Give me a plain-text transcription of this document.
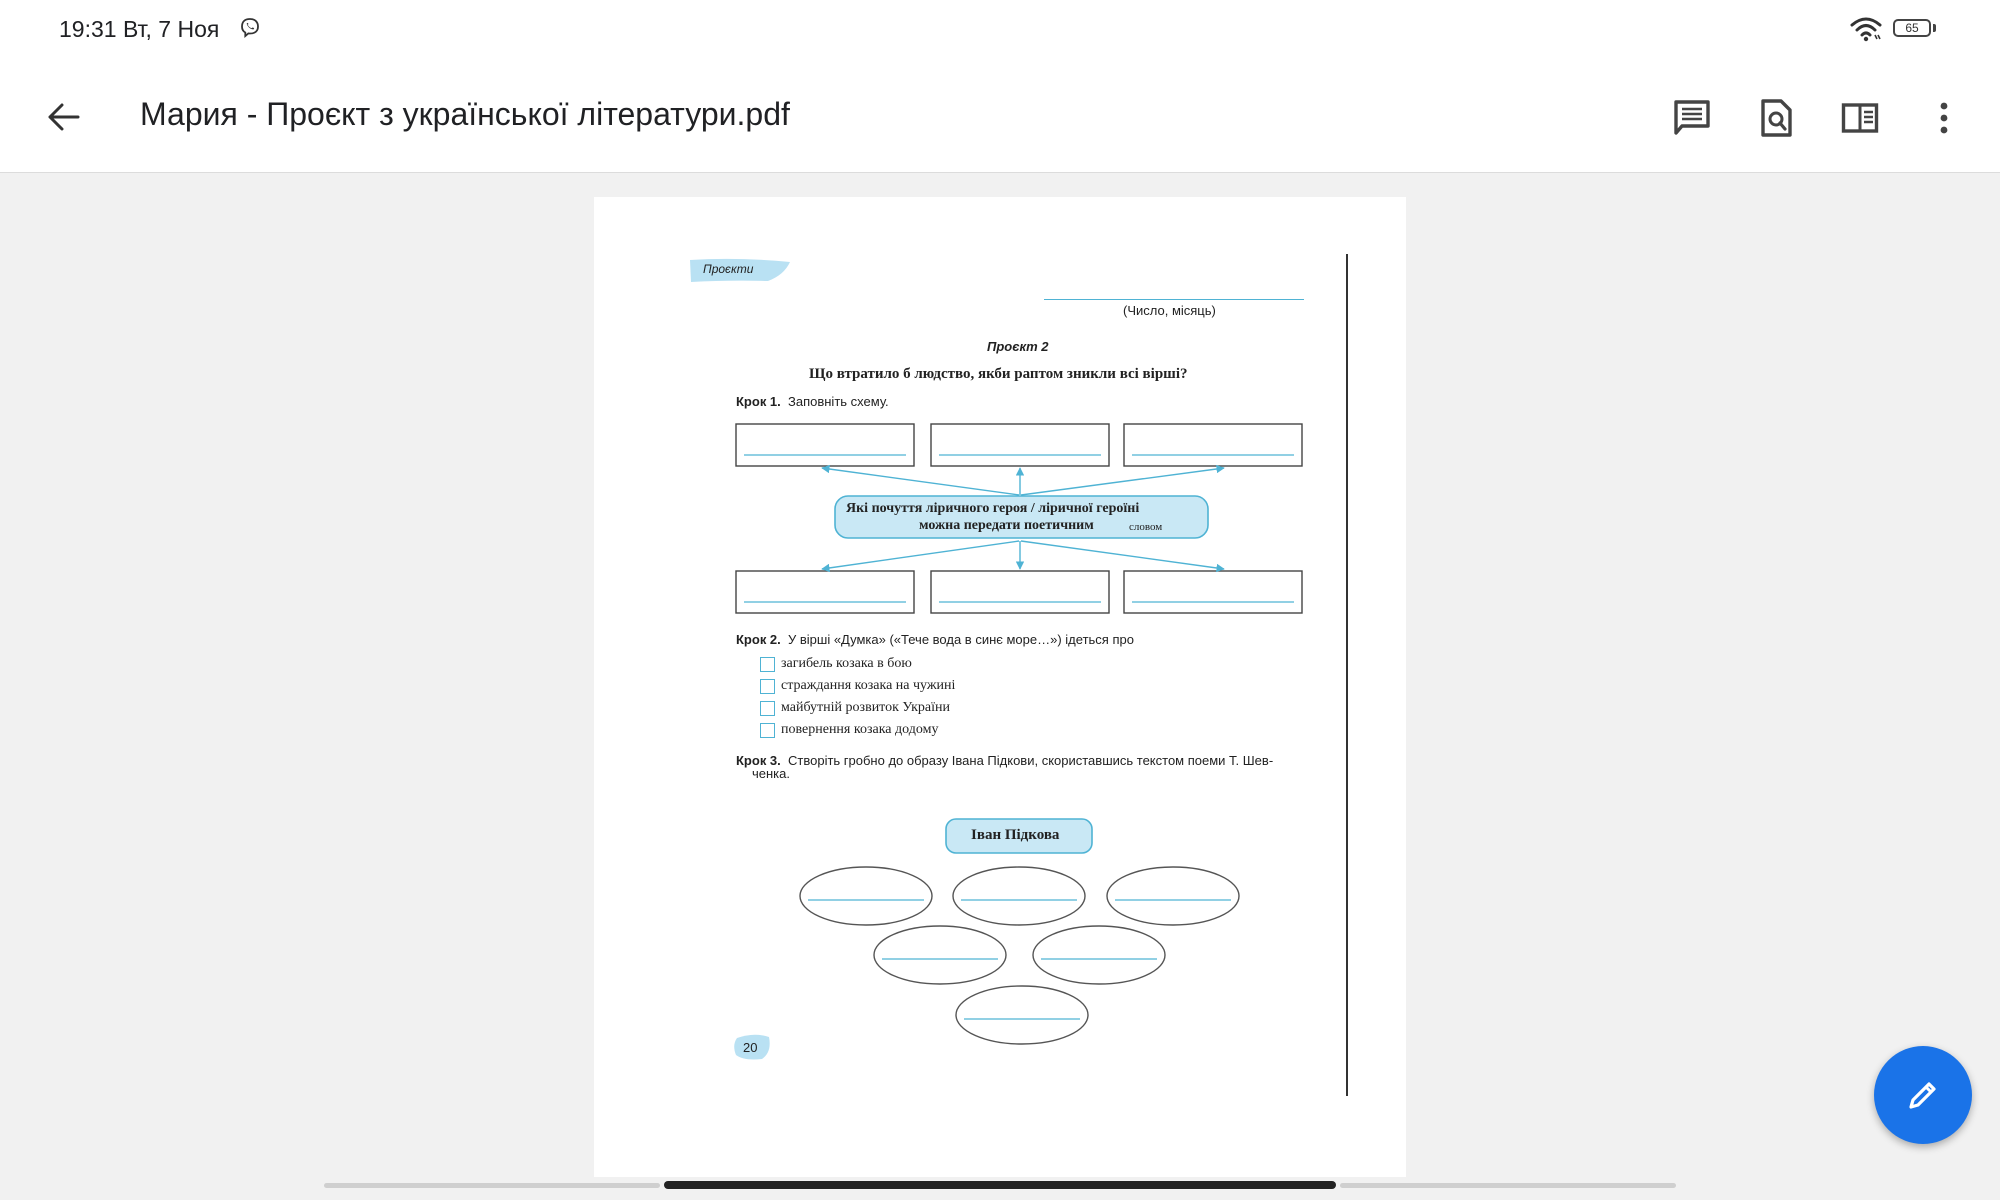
19:31 Вт, 7 Ноя	65
Мария - Проєкт з української літератури.pdf
Проєкти
(Число, місяць)
Проєкт 2
Що втратило б людство, якби раптом зникли всі вірші?
Крок 1. Заповніть схему.
Які почуття ліричного героя / ліричної героїні
можна передати поетичним	словом
Крок 2. У вірші «Думка» («Тече вода в синє море…») ідеться про
загибель козака в бою
страждання козака на чужині
майбутній розвиток України
повернення козака додому
Крок 3. Створіть гробно до образу Івана Підкови, скориставшись текстом поеми Т. Шев-
ченка.
Іван Підкова
20
